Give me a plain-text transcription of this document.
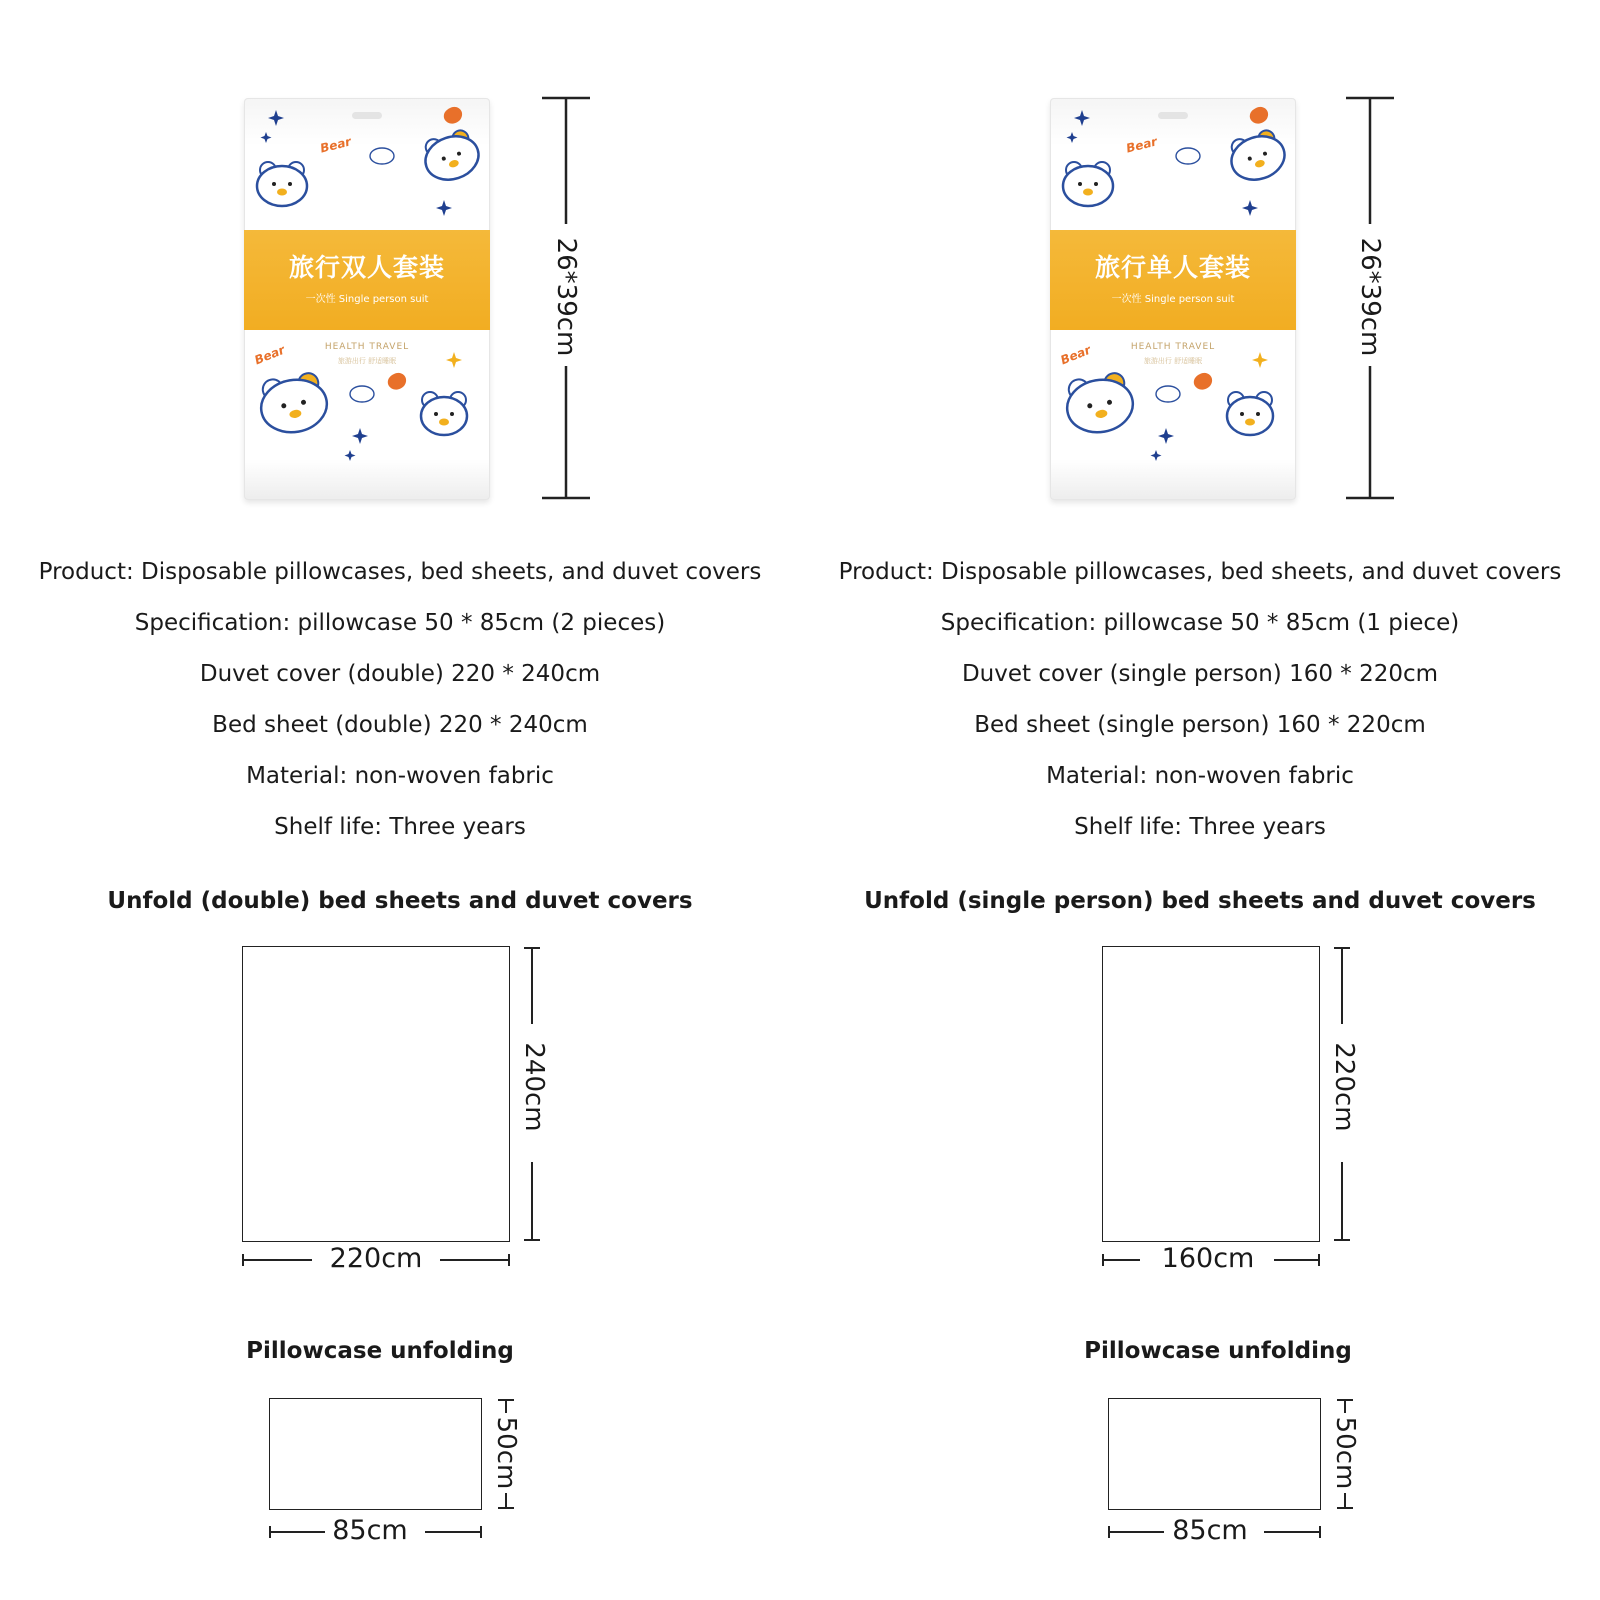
Bear
Bear
旅行双人套装
一次性 Single person suit
HEALTH TRAVEL
旅游出行 舒适睡眠
26*39cm
Product: Disposable pillowcases, bed sheets, and duvet covers
Specification: pillowcase 50 * 85cm (2 pieces)
Duvet cover (double) 220 * 240cm
Bed sheet (double) 220 * 240cm
Material: non-woven fabric
Shelf life: Three years
Unfold (double) bed sheets and duvet covers
240cm
220cm
Pillowcase unfolding
50cm
85cm
Bear
Bear
旅行单人套装
一次性 Single person suit
HEALTH TRAVEL
旅游出行 舒适睡眠
26*39cm
Product: Disposable pillowcases, bed sheets, and duvet covers
Specification: pillowcase 50 * 85cm (1 piece)
Duvet cover (single person) 160 * 220cm
Bed sheet (single person) 160 * 220cm
Material: non-woven fabric
Shelf life: Three years
Unfold (single person) bed sheets and duvet covers
220cm
160cm
Pillowcase unfolding
50cm
85cm
